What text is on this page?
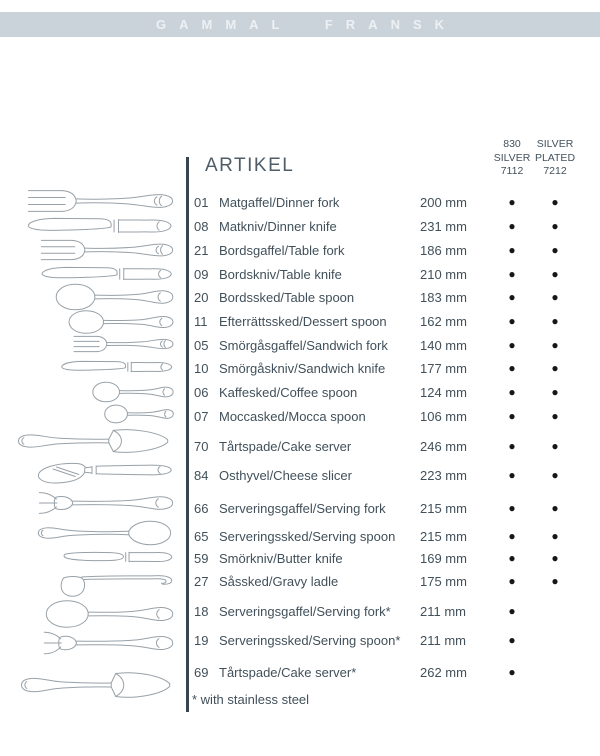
GAMMAL FRANSK
ARTIKEL
830
SILVER
7112
SILVER
PLATED
7212
01 Matgaffel/Dinner fork	200 mm	●	●
08 Matkniv/Dinner knife	231 mm	●	●
21 Bordsgaffel/Table fork	186 mm	●	●
09 Bordskniv/Table knife	210 mm	●	●
20 Bordssked/Table spoon	183 mm	●	●
11 Efterrättssked/Dessert spoon	162 mm	●	●
05 Smörgåsgaffel/Sandwich fork 140 mm	●	●
10 Smörgåskniv/Sandwich knife	177 mm	●	●
06 Kaffesked/Coffee spoon	124 mm	●	●
07 Moccasked/Mocca spoon	106 mm	●	●
70 Tårtspade/Cake server	246 mm	●	●
84 Osthyvel/Cheese slicer	223 mm	●	●
66 Serveringsgaffel/Serving fork	215 mm	●	●
65 Serveringssked/Serving spoon 215 mm	●	●
59 Smörkniv/Butter knife	169 mm	●	●
27 Såssked/Gravy ladle	175 mm	●	●
18 Serveringsgaffel/Serving fork* 211 mm	●
19 Serveringssked/Serving spoon* 211 mm	●
69 Tårtspade/Cake server*	262 mm	●
* with stainless steel
